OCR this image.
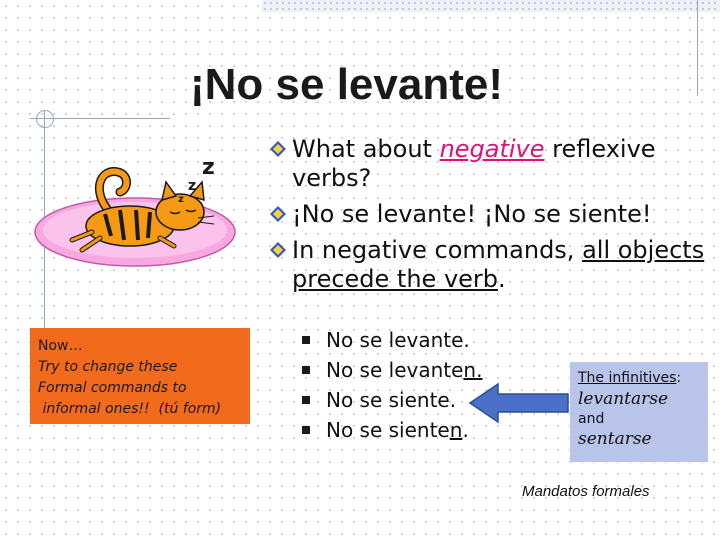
¡No se levante!
z
z
z
What about negative reflexive verbs?
¡No se levante! ¡No se siente!
In negative commands, all objects precede the verb.
Now…
Try to change these
Formal commands to
informal ones!!  (tú form)
No se levante.
No se levanten.
No se siente.
No se sienten.
The infinitives:
levantarse
and
sentarse
Mandatos formales
